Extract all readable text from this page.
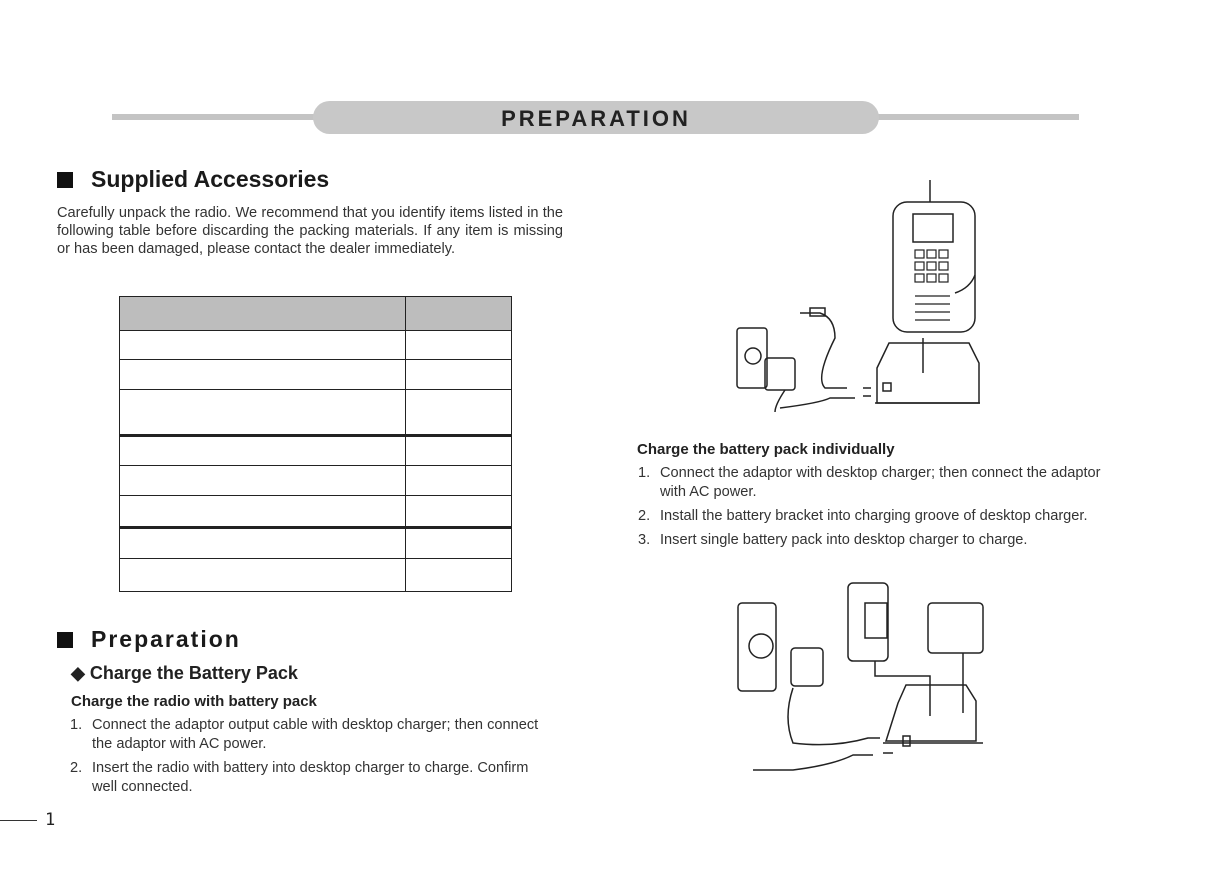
PREPARATION
Supplied Accessories

Carefully unpack the radio. We recommend that you identify items listed in the following table before discarding the packing materials. If any item is missing or has been damaged, please contact the dealer immediately.

Preparation
◆ Charge the Battery Pack
Charge the radio with battery pack
1. Connect the adaptor output cable with desktop charger; then connect the adaptor with AC power.
2. Insert the radio with battery into desktop charger to charge. Confirm well connected.
1
Charge the battery pack individually
1. Connect the adaptor with desktop charger; then connect the adaptor with AC power.
2. Install the battery bracket into charging groove of desktop charger.
3. Insert single battery pack into desktop charger to charge.
